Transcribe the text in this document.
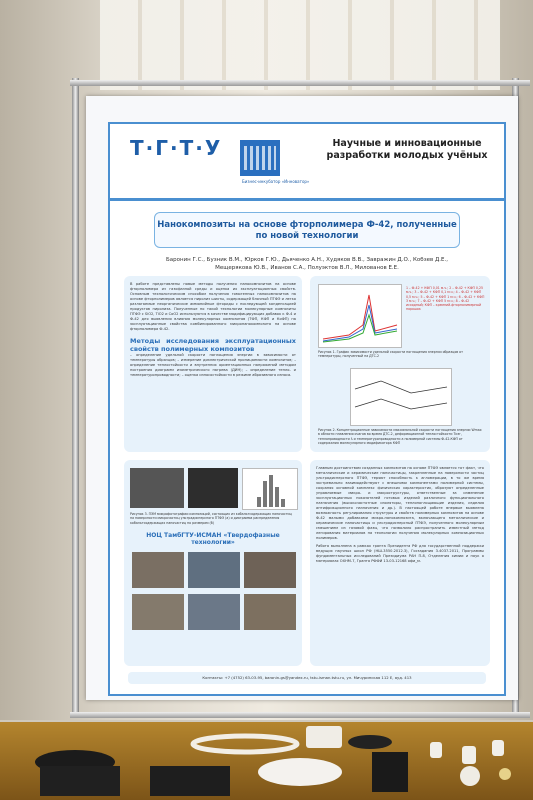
Т·Г·Т·У
Бизнес-инкубатор «Инноватор»
Научные и инновационные разработки молодых учёных
Нанокомпозиты на основе фторполимера Ф-42, полученные по новой технологии
Баронин Г.С., Бузник В.М., Юрков Г.Ю., Дьяченко А.Н., Худяков В.В., Завражин Д.О., Кобзев Д.Е.,
Мещерякова Ю.В., Иванов С.А., Полуэктов В.Л., Милованов Е.Е.
В работе представлены новые методы получения нанокомпозитов на основе фторполимера из газофазной среды и оценка их эксплуатационных свойств. Основным технологическим способом получения гомогенных нанокомпозитов на основе фторполимеров является пиролиз шихты, содержащей блочный ПТФЭ и легко разлагаемые неорганические аммонийные фториды с последующей конденсацией продуктов пиролиза. Полученные по такой технологии молекулярные композиты ПТФЭ с SiO2, TiO2 и CoO2 используются в качестве модифицирующих добавок к Ф-4 и Ф-42 для выявления влияния молекулярных композитов (ТФП, КФП и КоФП) на эксплуатационные свойства комбинированного микронанокомпозита на основе фторполимера Ф-42.
Методы исследования эксплуатационных свойств полимерных композитов
– определение удельной скорости поглощения энергии в зависимости от температуры образцов; – измерение диэлектрической проницаемости композитов; – определение теплостойкости и внутренних ориентационных напряжений методом построения диаграмм изометрического нагрева (ДИН); – определение тепло- и температуропроводности; – оценка износостойкости в режиме абразивного износа.
1 – Ф-42 + КФП 0,01 м.ч.; 2 – Ф-42 + КФП 0,25 м.ч.; 3 – Ф-42 + КФП 0,1 м.ч.; 4 – Ф-42 + КФП 0,5 м.ч.; 5 – Ф-42 + КФП 1 м.ч.; 6 – Ф-42 + КФП 3 м.ч.; 7 – Ф-42 + КФП 5 м.ч.; 8 – Ф-42 исходный; КФП – кремний-фторполимерный порошок
Рисунок 1. График зависимости удельной скорости поглощения энергии образцов от температуры, полученный на ДТС-2
Рисунок 2. Концентрационные зависимости максимальной скорости поглощения энергии Wmax в области плавления очагов во время ДТС-2, деформационной теплостойкости Тизг, теплопроводности λ и температуропроводности а полимерной системы Ф-42-КФП от содержания молекулярного модификатора КФП
Рисунок 3. ПЭМ микрофотографии композиций, состоящих из кобальтсодержащих наночастиц на поверхности микрочастиц ультрадисперсного ПТФЭ (а) и диаграмма распределения кобальтсодержащих наночастиц по размерам (б)
НОЦ ТамбГТУ-ИСМАН «Твердофазные технологии»
Главным достоинством созданных композитов на основе ПТФЭ является тот факт, что металлические и керамические наночастицы, закрепленные на поверхности частиц ультрадисперсного ПТФЭ, теряют способность к агломерации, в то же время экстремально взаимодействуют с внешними компонентами полимерной системы, сохраняя основной комплекс физических характеристик, образуют определенные управляемые микро- и макроструктуры, ответственные за изменение эксплуатационных показателей готовых изделий различного функционального назначения (высокочастотные изоляторы, теплопоглощающие изделия, изделия антифрикционного назначения и др.). В настоящей работе впервые выявлена возможность регулирования структуры и свойств полимерных композитов на основе Ф-42 малыми добавками микро-нанокомпозита, включающего металлические и керамические наночастицы и ультрадисперсный ПТФЭ, полученного молекулярным смешением из газовой фазы, что позволило распространить известный метод легирования материалов на технологии получения молекулярных композиционных полимеров.
Работа выполнена в рамках гранта Президента РФ для государственной поддержки ведущих научных школ РФ (НШ-3550.2012.3), Госзадания 3.4037.2011, Программы фундаментальных исследований Президиума РАН П-8, Отделения химии и наук о материалах ОХНМ-7, Гранта РФФИ 13-03-12168 офи_м.
Контакты: +7 (4752) 63-03-95, baronin-gs@yandex.ru, tstu-isman.tstu.ru, ул. Мичуринская 112 Е, ауд. 413
